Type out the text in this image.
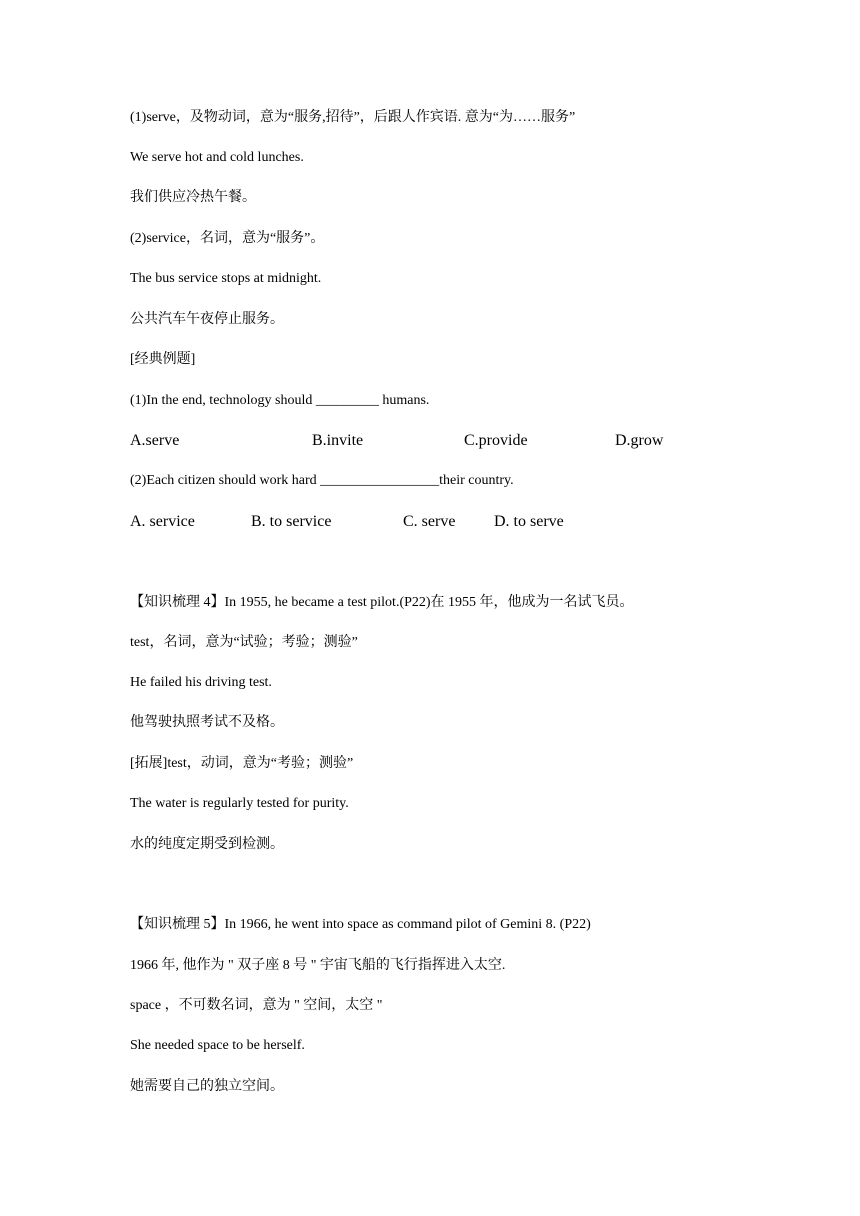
(1)serve，及物动词，意为“服务,招待”，后跟人作宾语. 意为“为……服务”
We serve hot and cold lunches.
我们供应冷热午餐。
(2)service，名词，意为“服务”。
The bus service stops at midnight.
公共汽车午夜停止服务。
[经典例题]
(1)In the end, technology should _________ humans.
A.serve	B.invite	C.provide	D.grow
(2)Each citizen should work hard _________________their country.
A. service	B. to service	C. serve D. to serve
【知识梳理 4】In 1955, he became a test pilot.(P22)在 1955 年，他成为一名试飞员。
test，名词，意为“试验；考验；测验”
He failed his driving test.
他驾驶执照考试不及格。
[拓展]test，动词，意为“考验；测验”
The water is regularly tested for purity.
水的纯度定期受到检测。
【知识梳理 5】In 1966, he went into space as command pilot of Gemini 8. (P22)
1966 年, 他作为 " 双子座 8 号 " 宇宙飞船的飞行指挥进入太空.
space ，不可数名词，意为 " 空间，太空 "
She needed space to be herself.
她需要自己的独立空间。
